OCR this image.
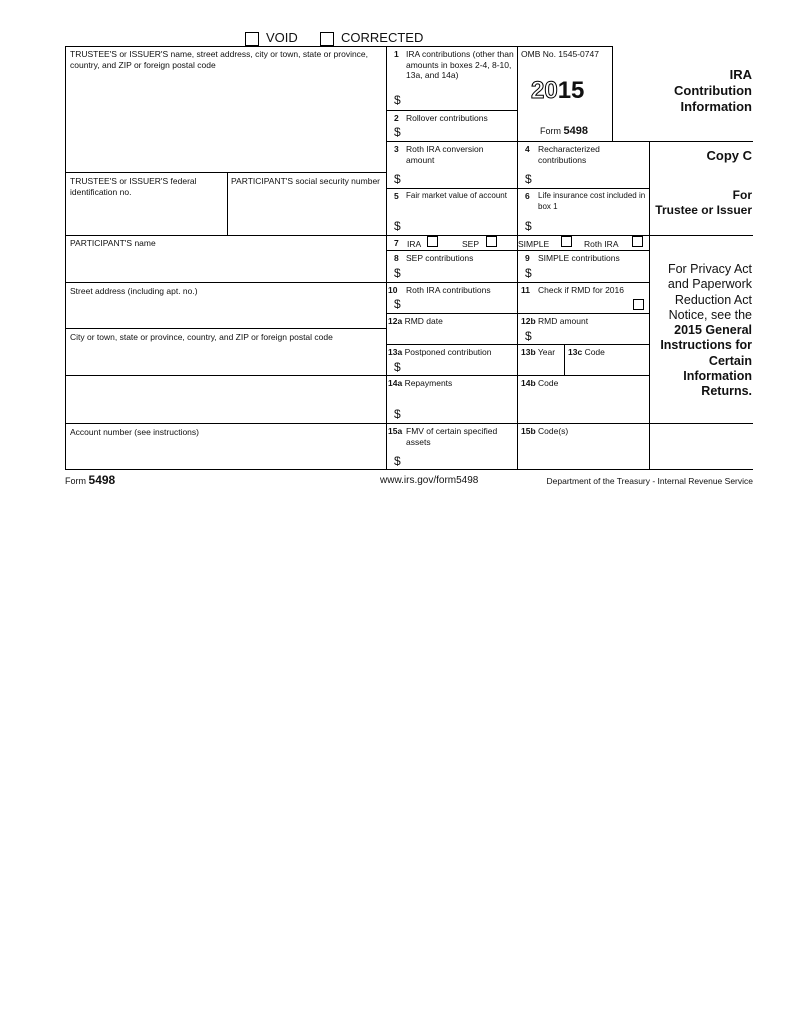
VOID	CORRECTED
TRUSTEE'S or ISSUER'S name, street address, city or town, state or province, country, and ZIP or foreign postal code
TRUSTEE'S or ISSUER'S federal identification no.
PARTICIPANT'S social security number
PARTICIPANT'S name
Street address (including apt. no.)
City or town, state or province, country, and ZIP or foreign postal code
Account number (see instructions)
1 IRA contributions (other than amounts in boxes 2-4, 8-10, 13a, and 14a)
$
2 Rollover contributions
$
OMB No. 1545-0747
2015
Form 5498
IRA
Contribution
Information
3 Roth IRA conversion amount
$
4 Recharacterized contributions
$
Copy C
For
Trustee or Issuer
5 Fair market value of account
$
6 Life insurance cost included in box 1
$
7 IRA	SEP	SIMPLE	Roth IRA
8 SEP contributions
$
9 SIMPLE contributions
$	For Privacy Act
and Paperwork
Reduction Act
Notice, see the
2015 General
Instructions for
Certain
Information
Returns.
10 Roth IRA contributions
$
11 Check if RMD for 2016
12a RMD date	12b RMD amount
$
13a Postponed contribution
$
13b Year 13c Code
14a Repayments
$
14b Code
15a FMV of certain specified assets
$
15b Code(s)
Form 5498	www.irs.gov/form5498	Department of the Treasury - Internal Revenue Service
